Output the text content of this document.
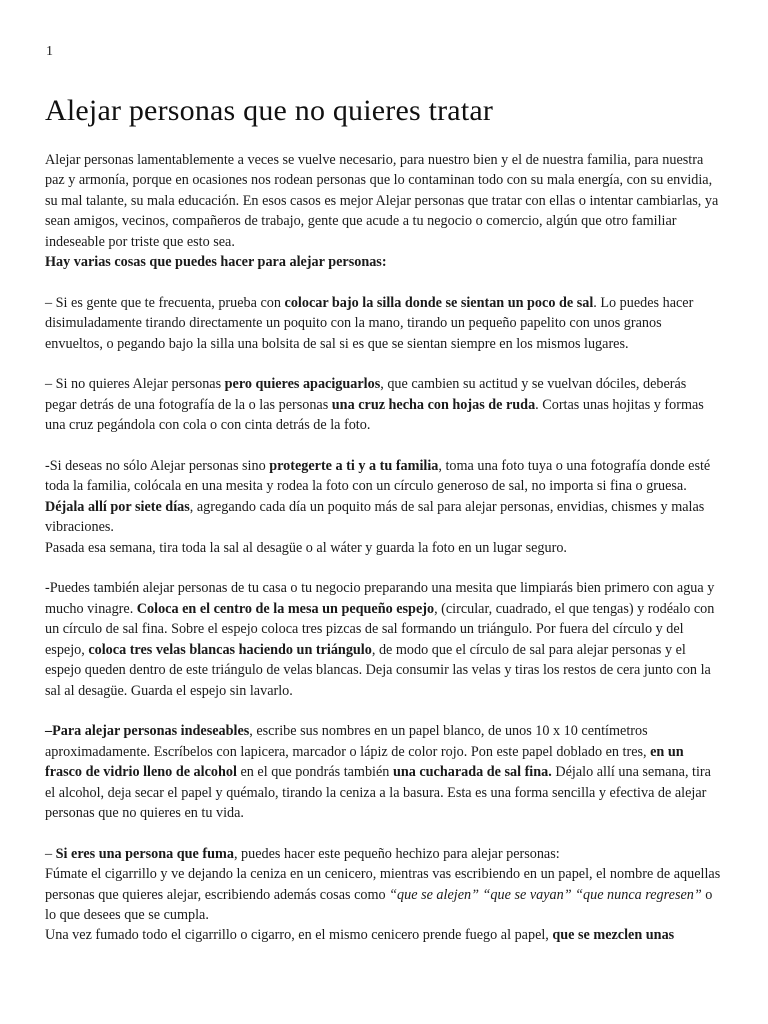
1
Alejar personas que no quieres tratar

Alejar personas lamentablemente a veces se vuelve necesario, para nuestro bien y el de nuestra familia, para nuestra paz y armonía, porque en ocasiones nos rodean personas que lo contaminan todo con su mala energía, con su envidia, su mal talante, su mala educación. En esos casos es mejor Alejar personas que tratar con ellas o intentar cambiarlas, ya sean amigos, vecinos, compañeros de trabajo, gente que acude a tu negocio o comercio, algún que otro familiar indeseable por triste que esto sea.

Hay varias cosas que puedes hacer para alejar personas:

– Si es gente que te frecuenta, prueba con colocar bajo la silla donde se sientan un poco de sal. Lo puedes hacer disimuladamente tirando directamente un poquito con la mano, tirando un pequeño papelito con unos granos envueltos, o pegando bajo la silla una bolsita de sal si es que se sientan siempre en los mismos lugares.

– Si no quieres Alejar personas pero quieres apaciguarlos, que cambien su actitud y se vuelvan dóciles, deberás pegar detrás de una fotografía de la o las personas una cruz hecha con hojas de ruda. Cortas unas hojitas y formas una cruz pegándola con cola o con cinta detrás de la foto.

-Si deseas no sólo Alejar personas sino protegerte a ti y a tu familia, toma una foto tuya o una fotografía donde esté toda la familia, colócala en una mesita y rodea la foto con un círculo generoso de sal, no importa si fina o gruesa.

Déjala allí por siete días, agregando cada día un poquito más de sal para alejar personas, envidias, chismes y malas vibraciones.

Pasada esa semana, tira toda la sal al desagüe o al wáter y guarda la foto en un lugar seguro.

-Puedes también alejar personas de tu casa o tu negocio preparando una mesita que limpiarás bien primero con agua y mucho vinagre. Coloca en el centro de la mesa un pequeño espejo, (circular, cuadrado, el que tengas) y rodéalo con un círculo de sal fina. Sobre el espejo coloca tres pizcas de sal formando un triángulo. Por fuera del círculo y del espejo, coloca tres velas blancas haciendo un triángulo, de modo que el círculo de sal para alejar personas y el espejo queden dentro de este triángulo de velas blancas. Deja consumir las velas y tiras los restos de cera junto con la sal al desagüe. Guarda el espejo sin lavarlo.

–Para alejar personas indeseables, escribe sus nombres en un papel blanco, de unos 10 x 10 centímetros aproximadamente. Escríbelos con lapicera, marcador o lápiz de color rojo. Pon este papel doblado en tres, en un frasco de vidrio lleno de alcohol en el que pondrás también una cucharada de sal fina. Déjalo allí una semana, tira el alcohol, deja secar el papel y quémalo, tirando la ceniza a la basura. Esta es una forma sencilla y efectiva de alejar personas que no quieres en tu vida.

– Si eres una persona que fuma, puedes hacer este pequeño hechizo para alejar personas:

Fúmate el cigarrillo y ve dejando la ceniza en un cenicero, mientras vas escribiendo en un papel, el nombre de aquellas personas que quieres alejar, escribiendo además cosas como “que se alejen” “que se vayan” “que nunca regresen” o lo que desees que se cumpla.

Una vez fumado todo el cigarrillo o cigarro, en el mismo cenicero prende fuego al papel, que se mezclen unas
